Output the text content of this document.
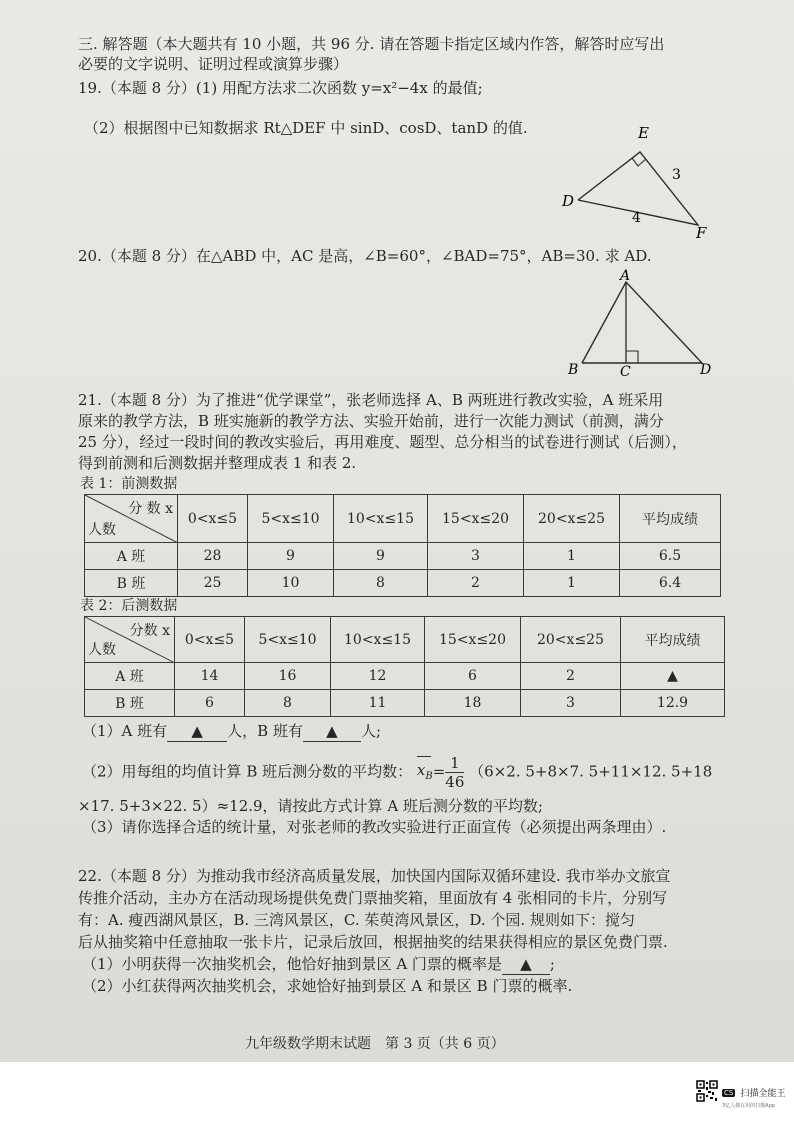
三. 解答题（本大题共有 10 小题，共 96 分. 请在答题卡指定区域内作答，解答时应写出
必要的文字说明、证明过程或演算步骤）
19.（本题 8 分）(1) 用配方法求二次函数 y=x²−4x 的最值;
（2）根据图中已知数据求 Rt△DEF 中 sinD、cosD、tanD 的值.	E
D
F
3
4
20.（本题 8 分）在△ABD 中，AC 是高，∠B=60°，∠BAD=75°，AB=30. 求 AD.
A
B	C	D
21.（本题 8 分）为了推进“优学课堂”，张老师选择 A、B 两班进行教改实验，A 班采用
原来的教学方法，B 班实施新的教学方法、实验开始前，进行一次能力测试（前测，满分
25 分），经过一段时间的教改实验后，再用难度、题型、总分相当的试卷进行测试（后测），
得到前测和后测数据并整理成表 1 和表 2.
表 1：前测数据
分 数 x
人数	0<x≤5	5<x≤10	10<x≤15	15<x≤20	20<x≤25	平均成绩
A 班	28	9	9	3	1	6.5
B 班	25	10	8	2	1	6.4
表 2：后测数据
分数 x
人数	0<x≤5	5<x≤10	10<x≤15	15<x≤20	20<x≤25	平均成绩
A 班	14	16	12	6	2	▲
B 班	6	8	11	18	3	12.9
（1）A 班有 ▲ 人，B 班有 ▲ 人;
（2）用每组的均值计算 B 班后测分数的平均数： $x_B= \frac{1}{46} (6\times 2$. 5+8×7. 5+11×12. 5+18
×17. 5+3×22. 5）≈12.9，请按此方式计算 A 班后测分数的平均数;
（3）请你选择合适的统计量，对张老师的教改实验进行正面宣传（必须提出两条理由）.
22.（本题 8 分）为推动我市经济高质量发展，加快国内国际双循环建设. 我市举办文旅宣
传推介活动，主办方在活动现场提供免费门票抽奖箱，里面放有 4 张相同的卡片，分别写
有：A. 瘦西湖风景区，B. 三湾风景区，C. 茱萸湾风景区，D. 个园. 规则如下：搅匀
后从抽奖箱中任意抽取一张卡片，记录后放回，根据抽奖的结果获得相应的景区免费门票.
（1）小明获得一次抽奖机会，他恰好抽到景区 A 门票的概率是 ▲ ;
（2）小红获得两次抽奖机会，求她恰好抽到景区 A 和景区 B 门票的概率.
九年级数学期末试题　第 3 页（共 6 页）
CS 扫描全能王
3亿人都在用的扫描App
